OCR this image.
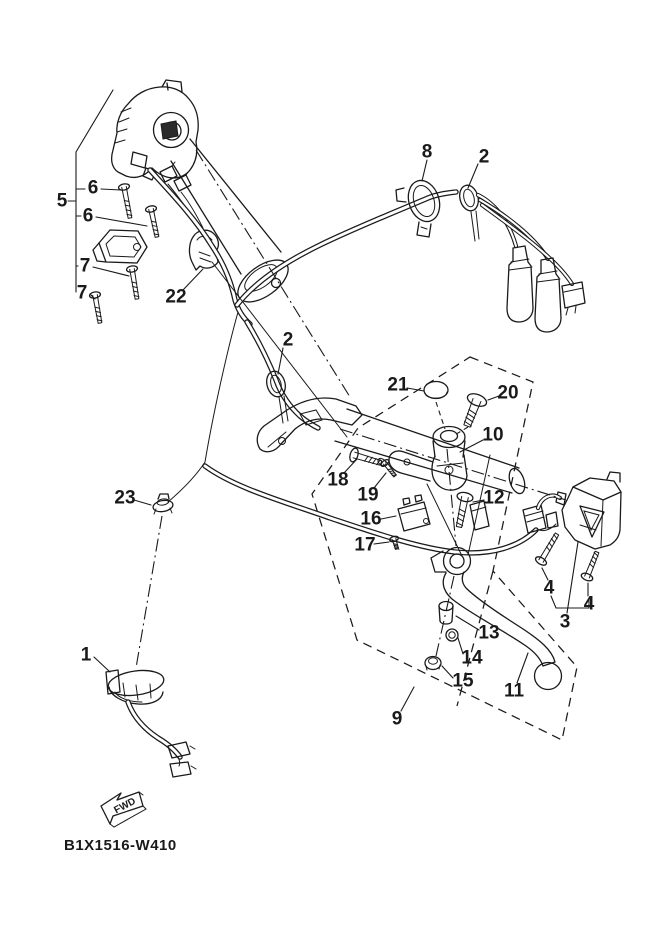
1
2
2
3
4
4
5
6
6
7
7
8
9
10
11
12
13
14
15
16
17
18
19
20
21
22
23
FWD
B1X1516-W410
